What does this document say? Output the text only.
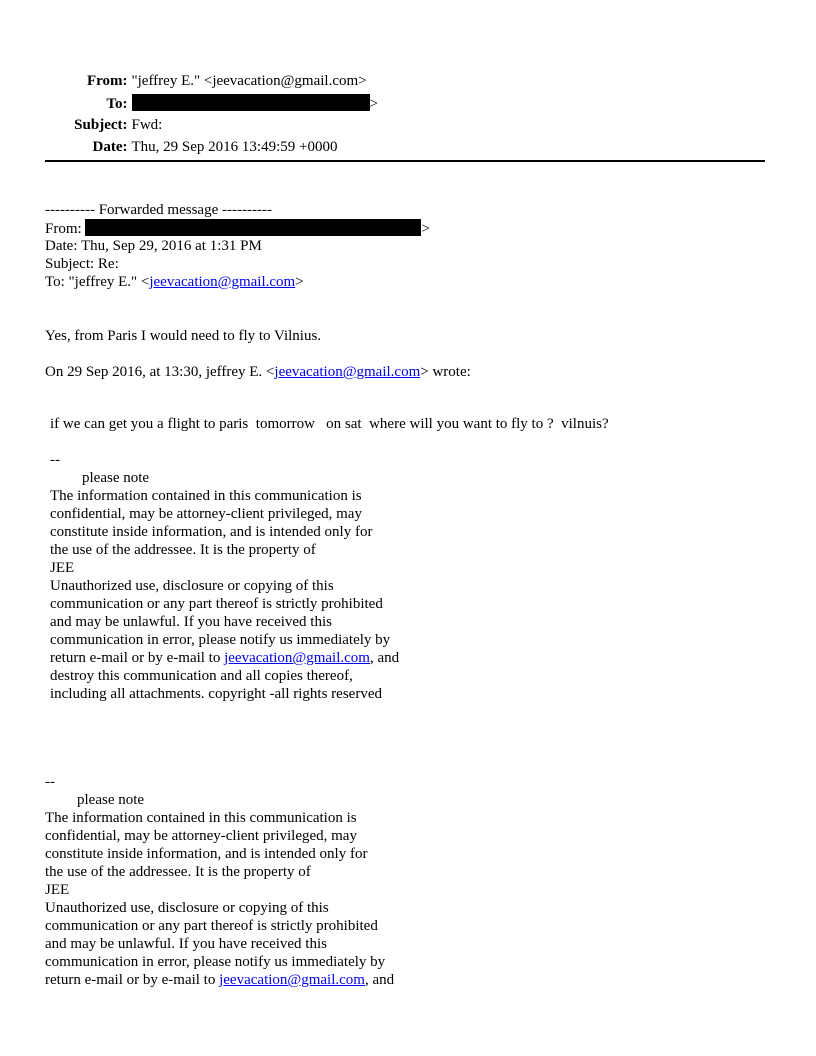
From: "jeffrey E." <jeevacation@gmail.com>

To:	>

Subject: Fwd:

Date: Thu, 29 Sep 2016 13:49:59 +0000

---------- Forwarded message ----------
From:	>
Date: Thu, Sep 29, 2016 at 1:31 PM
Subject: Re:
To: "jeffrey E." <jeevacation@gmail.com>
Yes, from Paris I would need to fly to Vilnius.
On 29 Sep 2016, at 13:30, jeffrey E. <jeevacation@gmail.com> wrote:
if we can get you a flight to paris  tomorrow   on sat  where will you want to fly to ?  vilnuis?
--
please note
The information contained in this communication is
confidential, may be attorney-client privileged, may
constitute inside information, and is intended only for
the use of the addressee. It is the property of
JEE
Unauthorized use, disclosure or copying of this
communication or any part thereof is strictly prohibited
and may be unlawful. If you have received this
communication in error, please notify us immediately by
return e-mail or by e-mail to jeevacation@gmail.com, and
destroy this communication and all copies thereof,
including all attachments. copyright -all rights reserved
--
please note
The information contained in this communication is
confidential, may be attorney-client privileged, may
constitute inside information, and is intended only for
the use of the addressee. It is the property of
JEE
Unauthorized use, disclosure or copying of this
communication or any part thereof is strictly prohibited
and may be unlawful. If you have received this
communication in error, please notify us immediately by
return e-mail or by e-mail to jeevacation@gmail.com, and
